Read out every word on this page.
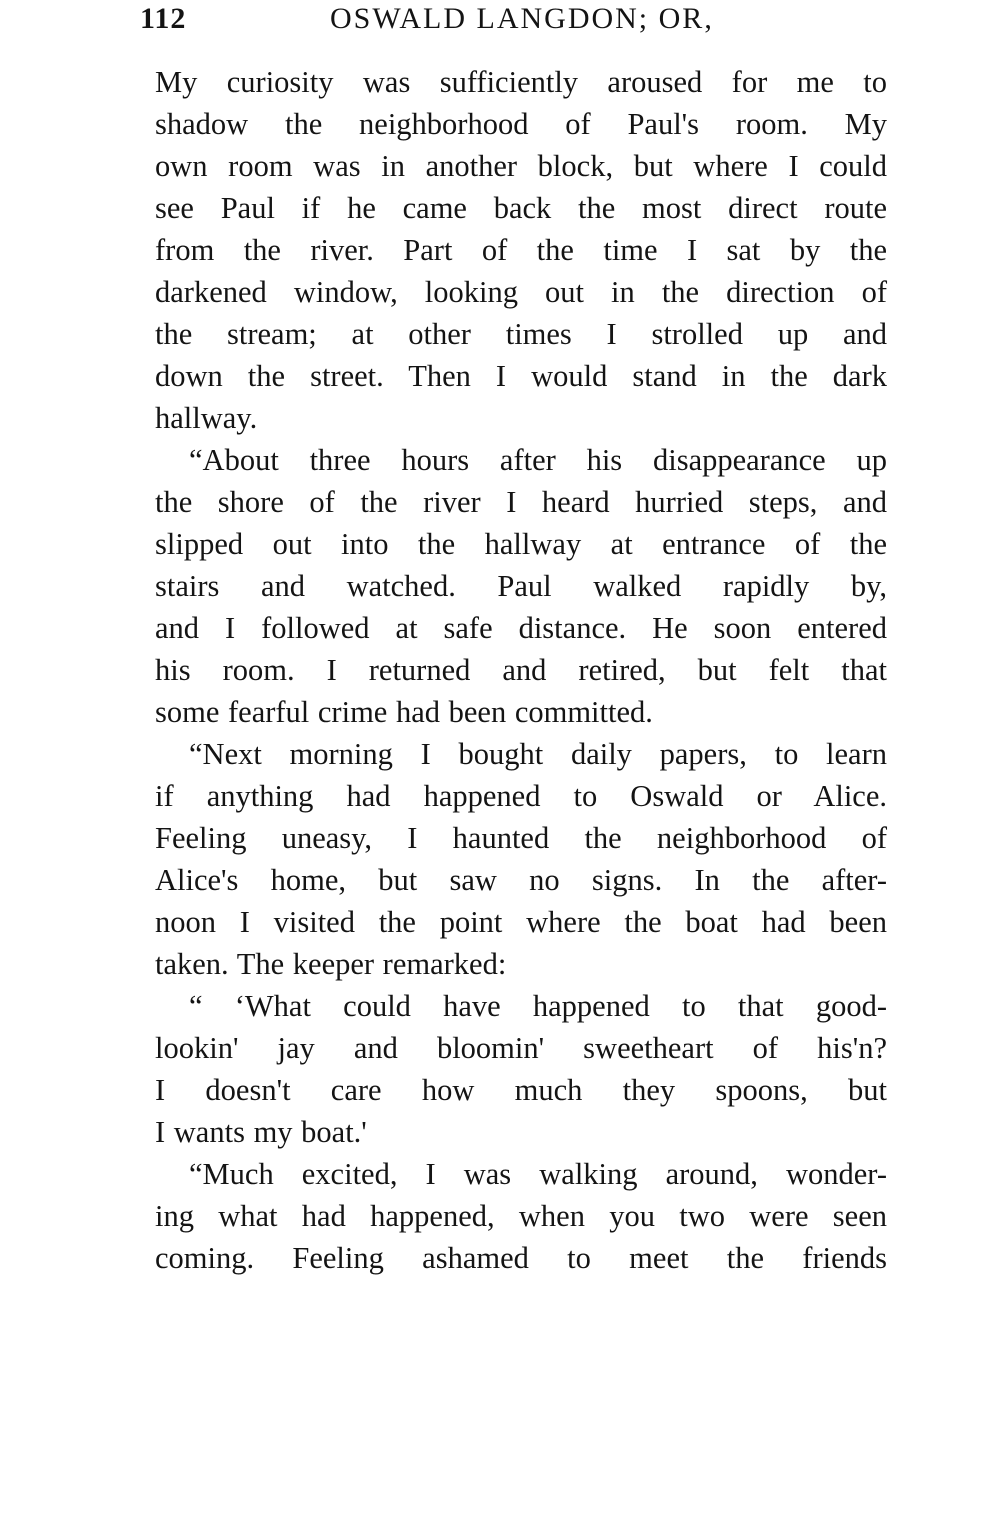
112	OSWALD LANGDON; OR,
My curiosity was sufficiently aroused for me to
shadow the neighborhood of Paul's room. My
own room was in another block, but where I could
see Paul if he came back the most direct route
from the river. Part of the time I sat by the
darkened window, looking out in the direction of
the stream; at other times I strolled up and
down the street. Then I would stand in the dark
hallway.
“About three hours after his disappearance up
the shore of the river I heard hurried steps, and
slipped out into the hallway at entrance of the
stairs and watched. Paul walked rapidly by,
and I followed at safe distance. He soon entered
his room. I returned and retired, but felt that
some fearful crime had been committed.
“Next morning I bought daily papers, to learn
if anything had happened to Oswald or Alice.
Feeling uneasy, I haunted the neighborhood of
Alice's home, but saw no signs. In the after-
noon I visited the point where the boat had been
taken. The keeper remarked:
“ ‘What could have happened to that good-
lookin' jay and bloomin' sweetheart of his'n?
I doesn't care how much they spoons, but
I wants my boat.'
“Much excited, I was walking around, wonder-
ing what had happened, when you two were seen
coming. Feeling ashamed to meet the friends
